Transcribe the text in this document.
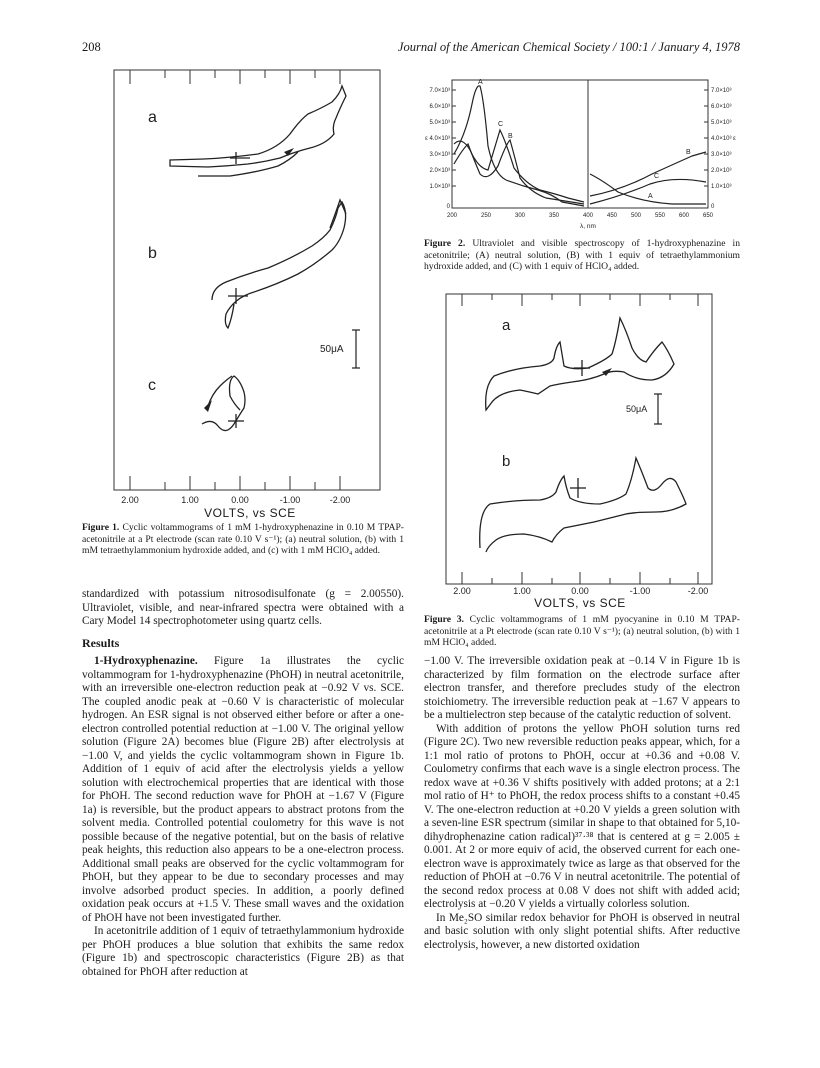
208	Journal of the American Chemical Society / 100:1 / January 4, 1978
50μA
a
b
c
2.00	1.00	0.00	-1.00	-2.00
VOLTS, vs SCE
Figure 1. Cyclic voltammograms of 1 mM 1-hydroxyphenazine in 0.10 M TPAP-acetonitrile at a Pt electrode (scan rate 0.10 V s⁻¹); (a) neutral solution, (b) with 1 mM tetraethylammonium hydroxide added, and (c) with 1 mM HClO₄ added.
A
B
C
B
C
A
7.0×10³
6.0×10³
5.0×10³
ε 4.0×10³
3.0×10³
2.0×10³
1.0×10³
0
7.0×10³
6.0×10³
5.0×10³
4.0×10³ ε
3.0×10³
2.0×10³
1.0×10³
0
200	250	300	350	400 450 500 550 600 650
λ, nm
Figure 2. Ultraviolet and visible spectroscopy of 1-hydroxyphenazine in acetonitrile; (A) neutral solution, (B) with 1 equiv of tetraethylammonium hydroxide added, and (C) with 1 equiv of HClO₄ added.
50μA
a
b
2.00	1.00	0.00	-1.00	-2.00
VOLTS, vs SCE
Figure 3. Cyclic voltammograms of 1 mM pyocyanine in 0.10 M TPAP-acetonitrile at a Pt electrode (scan rate 0.10 V s⁻¹); (a) neutral solution, (b) with 1 mM HClO₄ added.

standardized with potassium nitrosodisulfonate (g = 2.00550). Ultraviolet, visible, and near-infrared spectra were obtained with a Cary Model 14 spectrophotometer using quartz cells.

Results

1-Hydroxyphenazine. Figure 1a illustrates the cyclic voltammogram for 1-hydroxyphenazine (PhOH) in neutral acetonitrile, with an irreversible one-electron reduction peak at −0.92 V vs. SCE. The coupled anodic peak at −0.60 V is characteristic of molecular hydrogen. An ESR signal is not observed either before or after a one-electron controlled potential reduction at −1.00 V. The original yellow solution (Figure 2A) becomes blue (Figure 2B) after electrolysis at −1.00 V, and yields the cyclic voltammogram shown in Figure 1b. Addition of 1 equiv of acid after the electrolysis yields a yellow solution with electrochemical properties that are identical with those for PhOH. The second reduction wave for PhOH at −1.67 V (Figure 1a) is reversible, but the product appears to abstract protons from the solvent media. Controlled potential coulometry for this wave is not possible because of the negative potential, but on the basis of relative peak heights, this reduction also appears to be a one-electron process. Additional small peaks are observed for the cyclic voltammogram for PhOH, but they appear to be due to secondary processes and may involve adsorbed product species. In addition, a poorly defined oxidation peak occurs at +1.5 V. These small waves and the oxidation of PhOH have not been investigated further.

In acetonitrile addition of 1 equiv of tetraethylammonium hydroxide per PhOH produces a blue solution that exhibits the same redox (Figure 1b) and spectroscopic characteristics (Figure 2B) as that obtained for PhOH after reduction at

−1.00 V. The irreversible oxidation peak at −0.14 V in Figure 1b is characterized by film formation on the electrode surface after electron transfer, and therefore precludes study of the electron stoichiometry. The irreversible reduction peak at −1.67 V appears to be a multielectron step because of the catalytic reduction of solvent.

With addition of protons the yellow PhOH solution turns red (Figure 2C). Two new reversible reduction peaks appear, which, for a 1:1 mol ratio of protons to PhOH, occur at +0.36 and +0.08 V. Coulometry confirms that each wave is a single electron process. The redox wave at +0.36 V shifts positively with added protons; at a 2:1 mol ratio of H⁺ to PhOH, the redox process shifts to a constant +0.45 V. The one-electron reduction at +0.20 V yields a green solution with a seven-line ESR spectrum (similar in shape to that obtained for 5,10-dihydrophenazine cation radical)³⁷·³⁸ that is centered at g = 2.005 ± 0.001. At 2 or more equiv of acid, the observed current for each one-electron wave is approximately twice as large as that observed for the reduction of PhOH at −0.76 V in neutral acetonitrile. The potential of the second redox process at 0.08 V does not shift with added acid; electrolysis at −0.20 V yields a virtually colorless solution.

In Me₂SO similar redox behavior for PhOH is observed in neutral and basic solution with only slight potential shifts. After reductive electrolysis, however, a new distorted oxidation
